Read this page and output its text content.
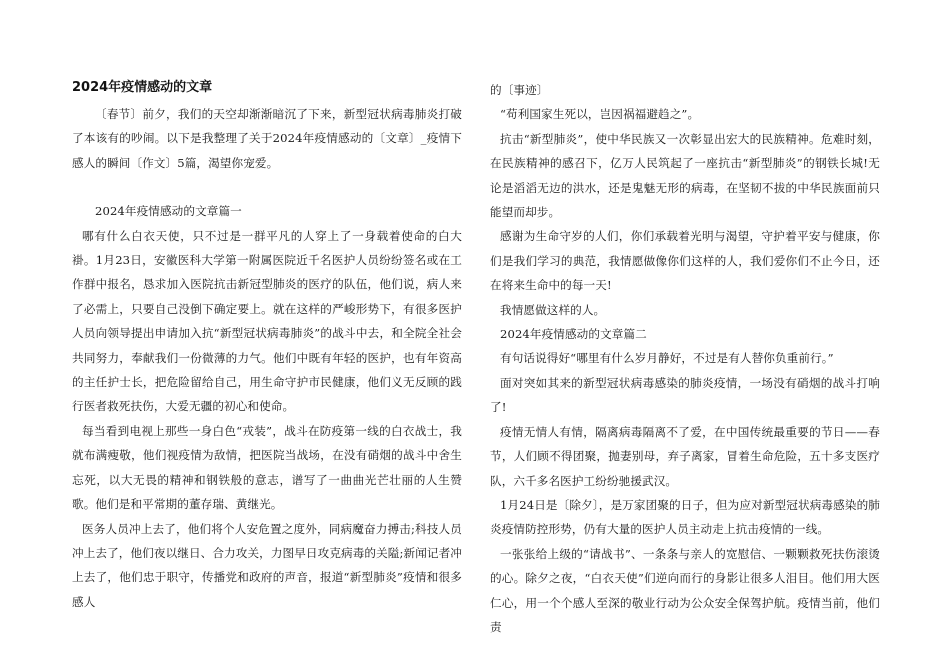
2024年疫情感动的文章

〔春节〕前夕，我们的天空却渐渐暗沉了下来，新型冠状病毒肺炎打破了本该有的吵闹。以下是我整理了关于2024年疫情感动的〔文章〕_疫情下感人的瞬间〔作文〕5篇，渴望你宠爱。

2024年疫情感动的文章篇一

哪有什么白衣天使，只不过是一群平凡的人穿上了一身载着使命的白大褂。1月23日，安徽医科大学第一附属医院近千名医护人员纷纷签名或在工作群中报名，恳求加入医院抗击新冠型肺炎的医疗的队伍，他们说，病人来了必需上，只要自己没倒下确定要上。就在这样的严峻形势下，有很多医护人员向领导提出申请加入抗“新型冠状病毒肺炎”的战斗中去，和全院全社会共同努力，奉献我们一份微薄的力气。他们中既有年轻的医护，也有年资高的主任护士长，把危险留给自己，用生命守护市民健康，他们义无反顾的践行医者救死扶伤，大爱无疆的初心和使命。

每当看到电视上那些一身白色“戎装”，战斗在防疫第一线的白衣战士，我就布满瘦敬，他们视疫情为敌情，把医院当战场，在没有硝烟的战斗中舍生忘死，以大无畏的精神和钢铁般的意志，谱写了一曲曲光芒壮丽的人生赞歌。他们是和平常期的董存瑞、黄继光。

医务人员冲上去了，他们将个人安危置之度外，同病魔奋力搏击;科技人员冲上去了，他们夜以继日、合力攻关，力图早日攻克病毒的关隘;新闻记者冲上去了，他们忠于职守，传播党和政府的声音，报道“新型肺炎”疫情和很多感人

的〔事迹〕

“苟利国家生死以，岂因祸福避趋之”。

抗击“新型肺炎”，使中华民族又一次彰显出宏大的民族精神。危难时刻，在民族精神的感召下，亿万人民筑起了一座抗击“新型肺炎”的钢铁长城!无论是滔滔无边的洪水，还是鬼魅无形的病毒，在坚韧不拔的中华民族面前只能望而却步。

感谢为生命守岁的人们，你们承载着光明与渴望，守护着平安与健康，你们是我们学习的典范，我情愿做像你们这样的人，我们爱你们不止今日，还在将来生命中的每一天!

我情愿做这样的人。

2024年疫情感动的文章篇二

有句话说得好“哪里有什么岁月静好，不过是有人替你负重前行。”

面对突如其来的新型冠状病毒感染的肺炎疫情，一场没有硝烟的战斗打响了!

疫情无情人有情，隔离病毒隔离不了爱，在中国传统最重要的节日——春节，人们顾不得团聚，抛妻别母，弃子离家，冒着生命危险，五十多支医疗队，六千多名医护工纷纷驰援武汉。

1月24日是〔除夕〕，是万家团聚的日子，但为应对新型冠状病毒感染的肺炎疫情防控形势，仍有大量的医护人员主动走上抗击疫情的一线。

一张张给上级的“请战书”、一条条与亲人的宽慰信、一颗颗救死扶伤滚烫的心。除夕之夜，“白衣天使”们逆向而行的身影让很多人泪目。他们用大医仁心，用一个个感人至深的敬业行动为公众安全保驾护航。疫情当前，他们责
